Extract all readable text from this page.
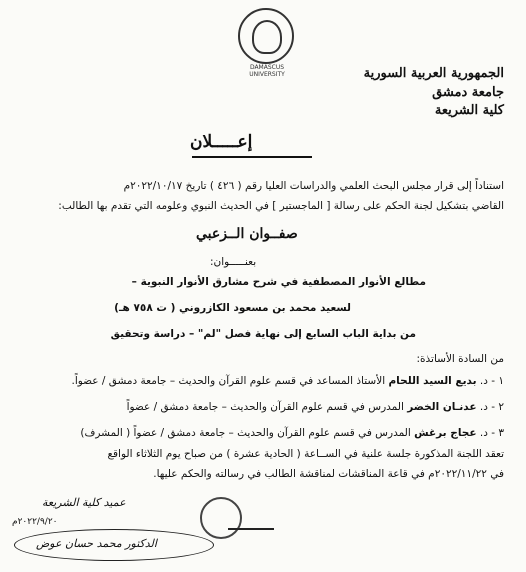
DAMASCUS UNIVERSITY	الجمهورية العربية السورية
جامعة دمشق
كلية الشريعة
إعـــــلان
استناداً إلى قرار مجلس البحث العلمي والدراسات العليا رقم ( ٤٢٦ ) تاريخ ٢٠٢٢/١٠/١٧م
القاضي بتشكيل لجنة الحكم على رسالة [ الماجستير ] في الحديث النبوي وعلومه التي تقدم بها الطالب:
صفــوان الــزعبي
بعنـــــوان:
مطالع الأنوار المصطفية في شرح مشارق الأنوار النبوية –
لسعيد محمد بن مسعود الكازروني ( ت ٧٥٨ هـ)
من بداية الباب السابع إلى نهاية فصل "لم" – دراسة وتحقيق
من السادة الأساتذة:
١ - د. بديع السيد اللحام الأستاذ المساعد في قسم علوم القرآن والحديث – جامعة دمشق / عضواً.
٢ - د. عدنـان الخضر المدرس في قسم علوم القرآن والحديث – جامعة دمشق / عضواً
٣ - د. عجاج برغش المدرس في قسم علوم القرآن والحديث – جامعة دمشق / عضواً ( المشرف)
تعقد اللجنة المذكورة جلسة علنية في الســاعة ( الحادية عشرة ) من صباح يوم الثلاثاء الواقع
في ٢٠٢٢/١١/٢٢م في قاعة المناقشات لمناقشة الطالب في رسالته والحكم عليها.
عميد كلية الشريعة
٢٠٢٢/٩/٢٠م
الدكتور محمد حسان عوض
